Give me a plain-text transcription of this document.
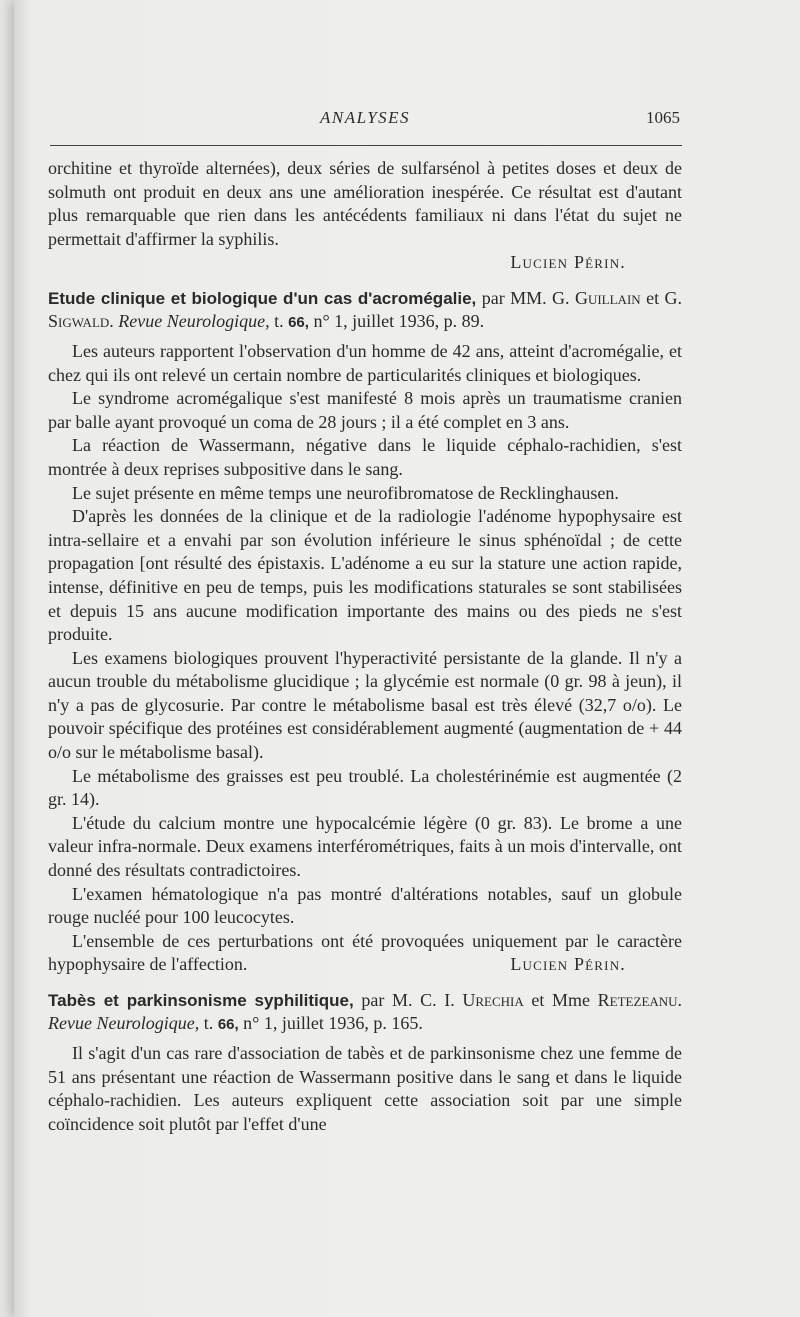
ANALYSES	1065

orchitine et thyroïde alternées), deux séries de sulfarsénol à petites doses et deux de solmuth ont produit en deux ans une amélioration inespérée. Ce résultat est d'autant plus remarquable que rien dans les antécédents familiaux ni dans l'état du sujet ne permettait d'affirmer la syphilis.

Lucien Périn.
Etude clinique et biologique d'un cas d'acromégalie, par MM. G. Guillain et G. Sigwald. Revue Neurologique, t. 66, n° 1, juillet 1936, p. 89.

Les auteurs rapportent l'observation d'un homme de 42 ans, atteint d'acromégalie, et chez qui ils ont relevé un certain nombre de particularités cliniques et biologiques.

Le syndrome acromégalique s'est manifesté 8 mois après un traumatisme cranien par balle ayant provoqué un coma de 28 jours ; il a été complet en 3 ans.

La réaction de Wassermann, négative dans le liquide céphalo-rachidien, s'est montrée à deux reprises subpositive dans le sang.

Le sujet présente en même temps une neurofibromatose de Recklinghausen.

D'après les données de la clinique et de la radiologie l'adénome hypophysaire est intra-sellaire et a envahi par son évolution inférieure le sinus sphénoïdal ; de cette propagation [ont résulté des épistaxis. L'adénome a eu sur la stature une action rapide, intense, définitive en peu de temps, puis les modifications staturales se sont stabilisées et depuis 15 ans aucune modification importante des mains ou des pieds ne s'est produite.

Les examens biologiques prouvent l'hyperactivité persistante de la glande. Il n'y a aucun trouble du métabolisme glucidique ; la glycémie est normale (0 gr. 98 à jeun), il n'y a pas de glycosurie. Par contre le métabolisme basal est très élevé (32,7 o/o). Le pouvoir spécifique des protéines est considérablement augmenté (augmentation de + 44 o/o sur le métabolisme basal).

Le métabolisme des graisses est peu troublé. La cholestérinémie est augmentée (2 gr. 14).

L'étude du calcium montre une hypocalcémie légère (0 gr. 83). Le brome a une valeur infra-normale. Deux examens interférométriques, faits à un mois d'intervalle, ont donné des résultats contradictoires.

L'examen hématologique n'a pas montré d'altérations notables, sauf un globule rouge nucléé pour 100 leucocytes.

L'ensemble de ces perturbations ont été provoquées uniquement par le caractère hypophysaire de l'affection.	Lucien Périn.

Tabès et parkinsonisme syphilitique, par M. C. I. Urechia et Mme Retezeanu. Revue Neurologique, t. 66, n° 1, juillet 1936, p. 165.

Il s'agit d'un cas rare d'association de tabès et de parkinsonisme chez une femme de 51 ans présentant une réaction de Wassermann positive dans le sang et dans le liquide céphalo-rachidien. Les auteurs expliquent cette association soit par une simple coïncidence soit plutôt par l'effet d'une
